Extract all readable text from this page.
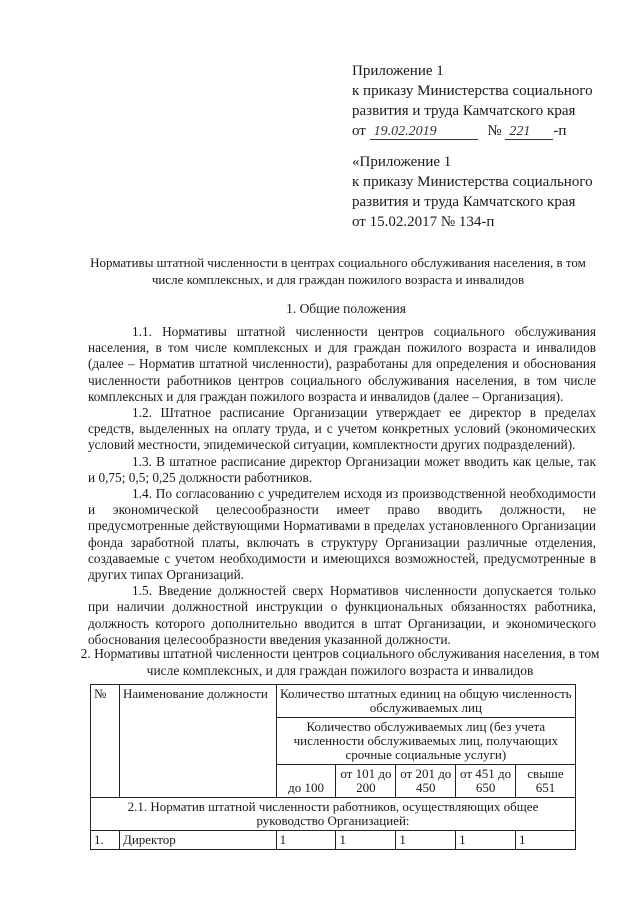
Приложение 1
к приказу Министерства социального
развития и труда Камчатского края
от 19.02.2019	№ 221 -п
«Приложение 1
к приказу Министерства социального
развития и труда Камчатского края
от 15.02.2017 № 134-п
Нормативы штатной численности в центрах социального обслуживания населения, в том числе комплексных, и для граждан пожилого возраста и инвалидов
1. Общие положения

1.1. Нормативы штатной численности центров социального обслуживания населения, в том числе комплексных и для граждан пожилого возраста и инвалидов (далее – Норматив штатной численности), разработаны для определения и обоснования численности работников центров социального обслуживания населения, в том числе комплексных и для граждан пожилого возраста и инвалидов (далее – Организация).

1.2. Штатное расписание Организации утверждает ее директор в пределах средств, выделенных на оплату труда, и с учетом конкретных условий (экономических условий местности, эпидемической ситуации, комплектности других подразделений).

1.3. В штатное расписание директор Организации может вводить как целые, так и 0,75; 0,5; 0,25 должности работников.

1.4. По согласованию с учредителем исходя из производственной необходимости и экономической целесообразности имеет право вводить должности, не предусмотренные действующими Нормативами в пределах установленного Организации фонда заработной платы, включать в структуру Организации различные отделения, создаваемые с учетом необходимости и имеющихся возможностей, предусмотренные в других типах Организаций.

1.5. Введение должностей сверх Нормативов численности допускается только при наличии должностной инструкции о функциональных обязанностях работника, должность которого дополнительно вводится в штат Организации, и экономического обоснования целесообразности введения указанной должности.

2. Нормативы штатной численности центров социального обслуживания населения, в том числе комплексных, и для граждан пожилого возраста и инвалидов
№	Наименование должности	Количество штатных единиц на общую численность обслуживаемых лиц				
		Количество обслуживаемых лиц (без учета численности обслуживаемых лиц, получающих срочные социальные услуги)				
		до 100	от 101 до 200	от 201 до 450	от 451 до 650	свыше 651
2.1. Норматив штатной численности работников, осуществляющих общее руководство Организацией:						
1.	Директор	1	1	1	1	1
